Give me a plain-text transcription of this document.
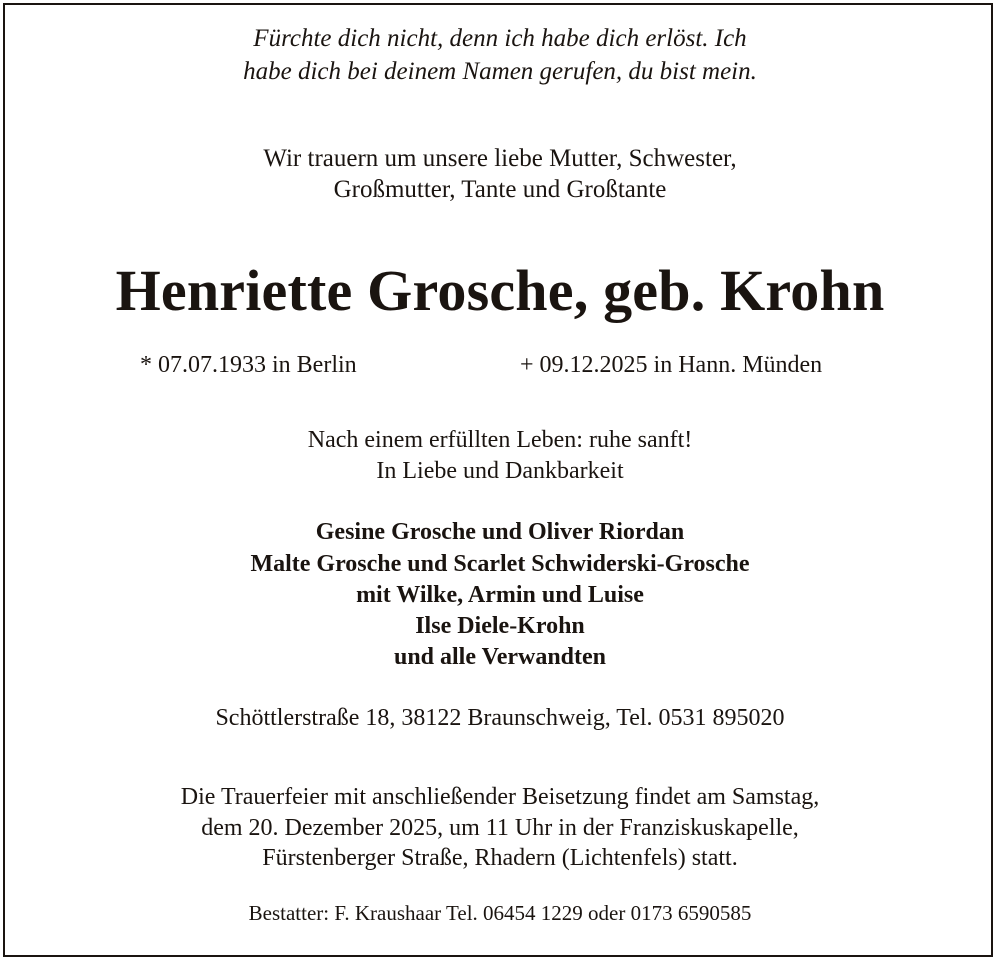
Fürchte dich nicht, denn ich habe dich erlöst. Ich
habe dich bei deinem Namen gerufen, du bist mein.
Wir trauern um unsere liebe Mutter, Schwester,
Großmutter, Tante und Großtante
Henriette Grosche, geb. Krohn
* 07.07.1933 in Berlin	+ 09.12.2025 in Hann. Münden
Nach einem erfüllten Leben: ruhe sanft!
In Liebe und Dankbarkeit
Gesine Grosche und Oliver Riordan
Malte Grosche und Scarlet Schwiderski-Grosche
mit Wilke, Armin und Luise
Ilse Diele-Krohn
und alle Verwandten
Schöttlerstraße 18, 38122 Braunschweig, Tel. 0531 895020
Die Trauerfeier mit anschließender Beisetzung findet am Samstag,
dem 20. Dezember 2025, um 11 Uhr in der Franziskuskapelle,
Fürstenberger Straße, Rhadern (Lichtenfels) statt.
Bestatter: F. Kraushaar Tel. 06454 1229 oder 0173 6590585
